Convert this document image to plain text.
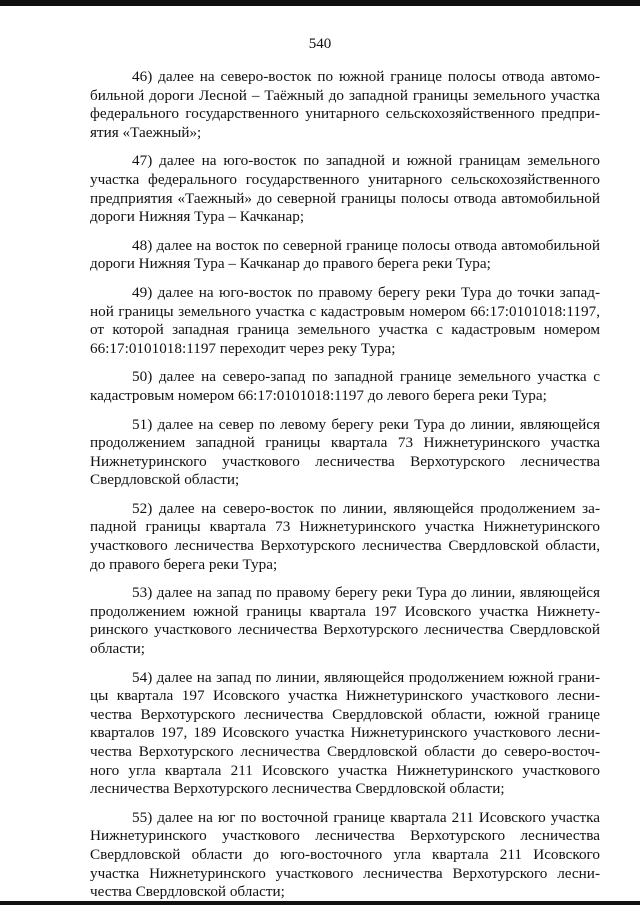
540

46) далее на северо-восток по южной границе полосы отвода автомобильной дороги Лесной – Таёжный до западной границы земельного участка федерального государственного унитарного сельскохозяйственного предприятия «Таежный»;

47) далее на юго-восток по западной и южной границам земельного участка федерального государственного унитарного сельскохозяйственного предприятия «Таежный» до северной границы полосы отвода автомобильной дороги Нижняя Тура – Качканар;

48) далее на восток по северной границе полосы отвода автомобильной дороги Нижняя Тура – Качканар до правого берега реки Тура;

49) далее на юго-восток по правому берегу реки Тура до точки западной границы земельного участка с кадастровым номером 66:17:0101018:1197, от которой западная граница земельного участка с кадастровым номером 66:17:0101018:1197 переходит через реку Тура;

50) далее на северо-запад по западной границе земельного участка с кадастровым номером 66:17:0101018:1197 до левого берега реки Тура;

51) далее на север по левому берегу реки Тура до линии, являющейся продолжением западной границы квартала 73 Нижнетуринского участка Нижнетуринского участкового лесничества Верхотурского лесничества Свердловской области;

52) далее на северо-восток по линии, являющейся продолжением западной границы квартала 73 Нижнетуринского участка Нижнетуринского участкового лесничества Верхотурского лесничества Свердловской области, до правого берега реки Тура;

53) далее на запад по правому берегу реки Тура до линии, являющейся продолжением южной границы квартала 197 Исовского участка Нижнетуринского участкового лесничества Верхотурского лесничества Свердловской области;

54) далее на запад по линии, являющейся продолжением южной границы квартала 197 Исовского участка Нижнетуринского участкового лесничества Верхотурского лесничества Свердловской области, южной границе кварталов 197, 189 Исовского участка Нижнетуринского участкового лесничества Верхотурского лесничества Свердловской области до северо-восточного угла квартала 211 Исовского участка Нижнетуринского участкового лесничества Верхотурского лесничества Свердловской области;

55) далее на юг по восточной границе квартала 211 Исовского участка Нижнетуринского участкового лесничества Верхотурского лесничества Свердловской области до юго-восточного угла квартала 211 Исовского участка Нижнетуринского участкового лесничества Верхотурского лесничества Свердловской области;
